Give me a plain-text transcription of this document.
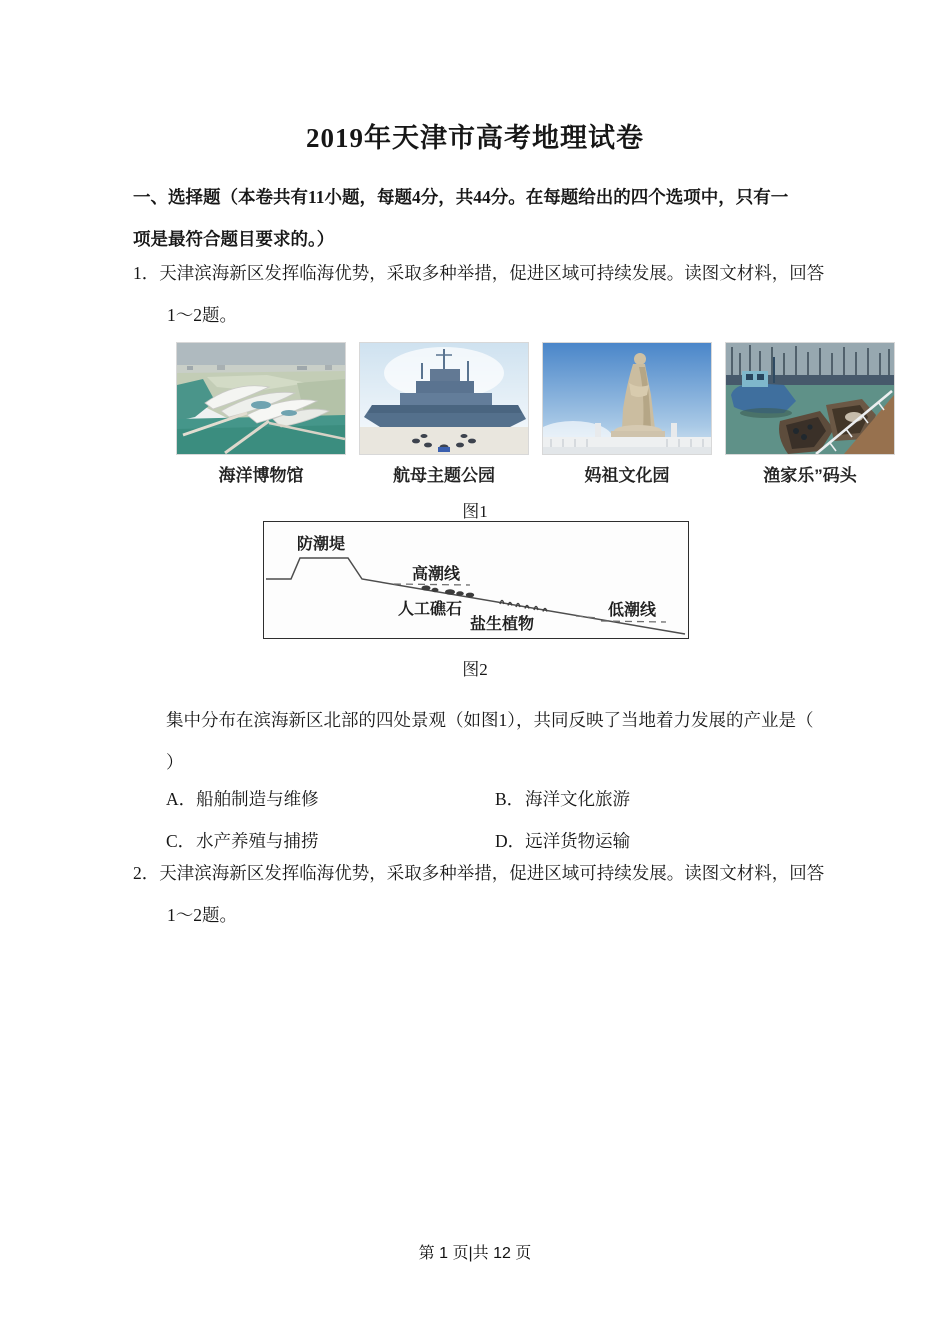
2019年天津市高考地理试卷
一、选择题（本卷共有11小题，每题4分，共44分。在每题给出的四个选项中，只有一
项是最符合题目要求的。）
1．天津滨海新区发挥临海优势，采取多种举措，促进区域可持续发展。读图文材料，回答
1～2题。
海洋博物馆	航母主题公园	妈祖文化园	渔家乐”码头
图1
防潮堤
高潮线
人工礁石
盐生植物
低潮线
图2
集中分布在滨海新区北部的四处景观（如图1），共同反映了当地着力发展的产业是（
）
A．船舶制造与维修	B．海洋文化旅游
C．水产养殖与捕捞	D．远洋货物运输
2．天津滨海新区发挥临海优势，采取多种举措，促进区域可持续发展。读图文材料，回答
1～2题。
第 1 页|共 12 页
